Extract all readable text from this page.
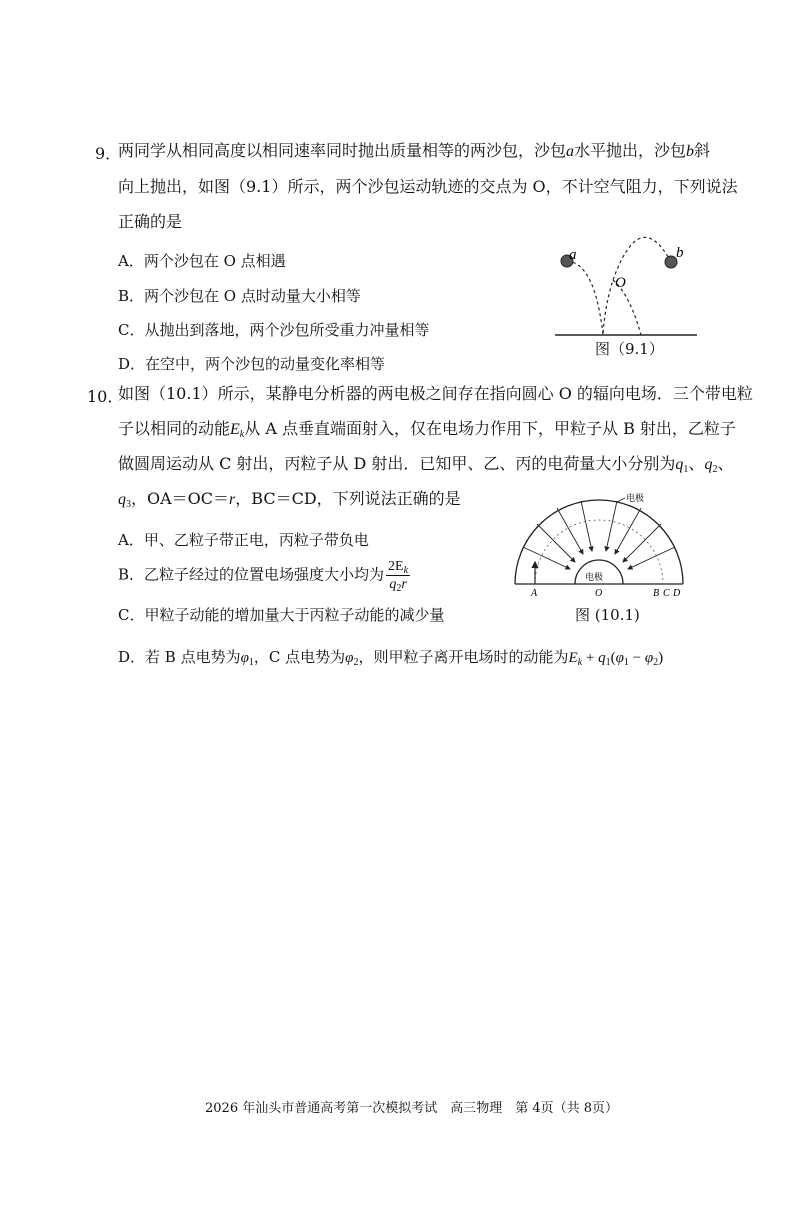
9．
两同学从相同高度以相同速率同时抛出质量相等的两沙包，沙包a水平抛出，沙包b斜
向上抛出，如图（9.1）所示，两个沙包运动轨迹的交点为 O，不计空气阻力，下列说法
正确的是
A．两个沙包在 O 点相遇
B．两个沙包在 O 点时动量大小相等
C．从抛出到落地，两个沙包所受重力冲量相等
D．在空中，两个沙包的动量变化率相等
a	b
O
图（9.1）
10．
如图（10.1）所示，某静电分析器的两电极之间存在指向圆心 O 的辐向电场．三个带电粒
子以相同的动能$E_k$从 A 点垂直端面射入，仅在电场力作用下，甲粒子从 B 射出，乙粒子
做圆周运动从 C 射出，丙粒子从 D 射出．已知甲、乙、丙的电荷量大小分别为$q_1$、$q_2$、
$q_3$，OA＝OC＝r，BC＝CD，下列说法正确的是
A．甲、乙粒子带正电，丙粒子带负电
B．乙粒子经过的位置电场强度大小均为 $\frac{2E_k}{q_2r}$
C．甲粒子动能的增加量大于丙粒子动能的减少量
D．若 B 点电势为$\varphi_1$，C 点电势为$\varphi_2$，则甲粒子离开电场时的动能为$E_k + q_1(\varphi_1 - \varphi_2)$
电极
电极
A	O	B C D
图 (10.1)
2026 年汕头市普通高考第一次模拟考试　高三物理　第 4页（共 8页）
